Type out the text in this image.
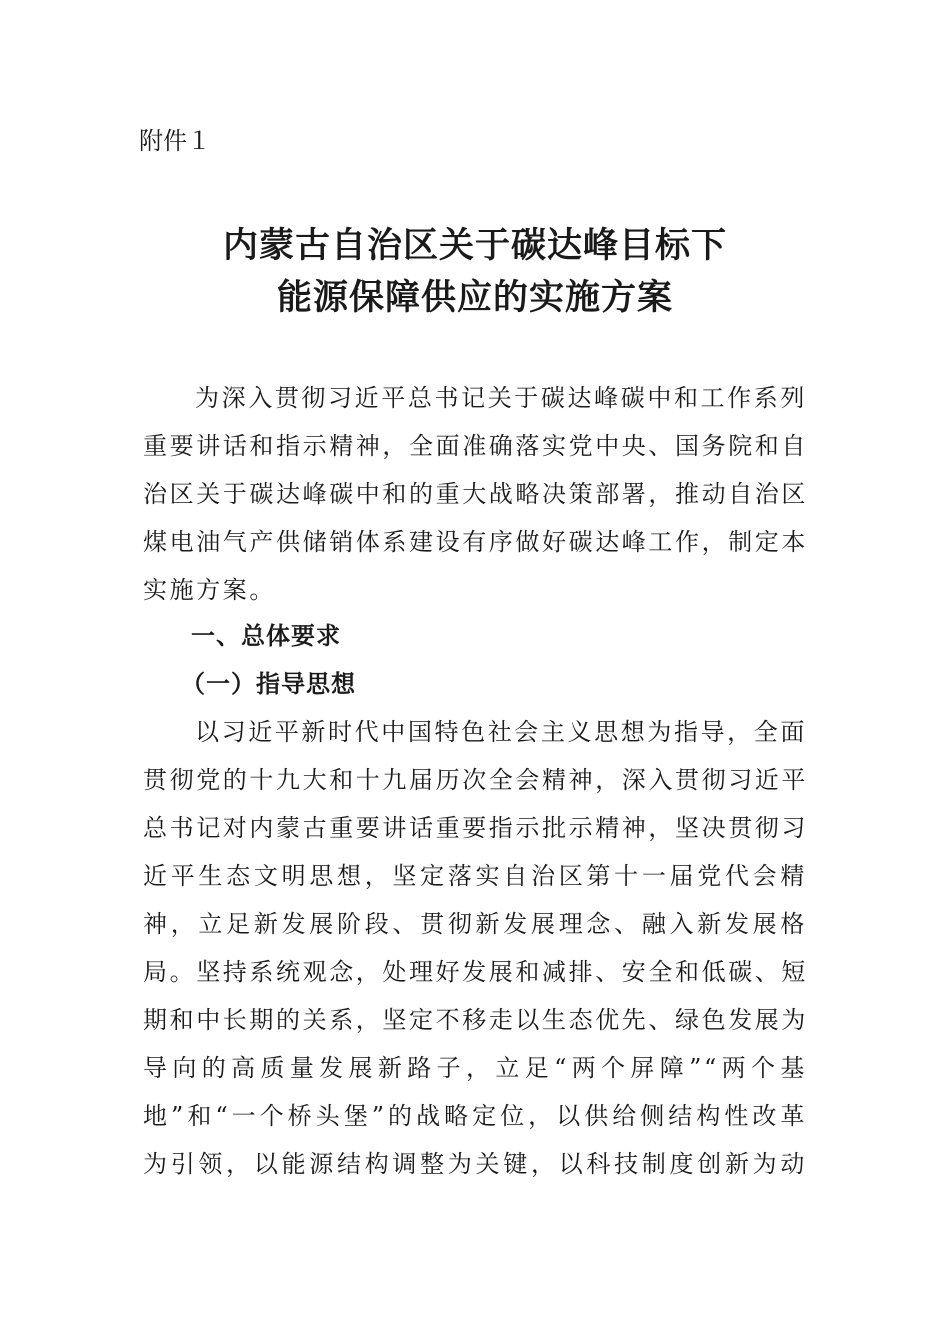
附件１
内蒙古自治区关于碳达峰目标下
能源保障供应的实施方案
为深入贯彻习近平总书记关于碳达峰碳中和工作系列
重要讲话和指示精神，全面准确落实党中央、国务院和自
治区关于碳达峰碳中和的重大战略决策部署，推动自治区
煤电油气产供储销体系建设有序做好碳达峰工作，制定本
实施方案。
一、总体要求
（一）指导思想
以习近平新时代中国特色社会主义思想为指导，全面
贯彻党的十九大和十九届历次全会精神，深入贯彻习近平
总书记对内蒙古重要讲话重要指示批示精神，坚决贯彻习
近平生态文明思想，坚定落实自治区第十一届党代会精
神，立足新发展阶段、贯彻新发展理念、融入新发展格
局。坚持系统观念，处理好发展和减排、安全和低碳、短
期和中长期的关系，坚定不移走以生态优先、绿色发展为
导向的高质量发展新路子，立足“两个屏障”“两个基
地”和“一个桥头堡”的战略定位，以供给侧结构性改革
为引领，以能源结构调整为关键，以科技制度创新为动
